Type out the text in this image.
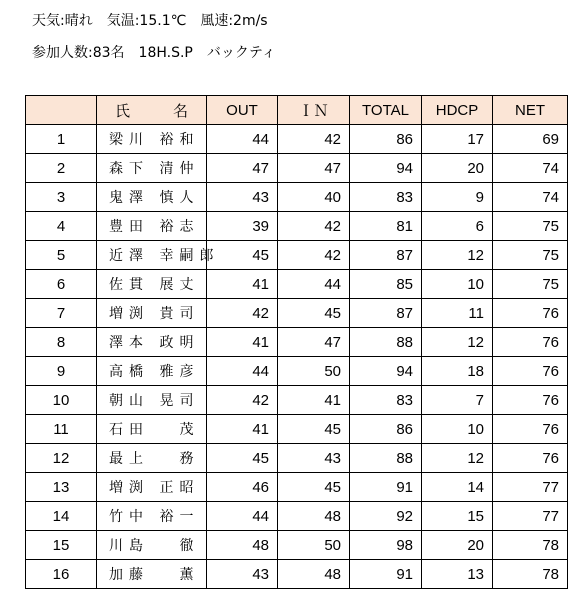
天気:晴れ　気温:15.1℃　風速:2m/s
参加人数:83名　18H.S.P　バックティ
	氏　名	OUT	ＩＮ	TOTAL	HDCP	NET
1	梁川 裕和	44	42	86	17	69
2	森下 清仲	47	47	94	20	74
3	鬼澤 慎人	43	40	83	9	74
4	豊田 裕志	39	42	81	6	75
5	近澤 幸嗣郎	45	42	87	12	75
6	佐貫 展丈	41	44	85	10	75
7	増渕 貴司	42	45	87	11	76
8	澤本 政明	41	47	88	12	76
9	高橋 雅彦	44	50	94	18	76
10	朝山 晃司	42	41	83	7	76
11	石田　 茂	41	45	86	10	76
12	最上　 務	45	43	88	12	76
13	増渕 正昭	46	45	91	14	77
14	竹中 裕一	44	48	92	15	77
15	川島　 徹	48	50	98	20	78
16	加藤　 薫	43	48	91	13	78
